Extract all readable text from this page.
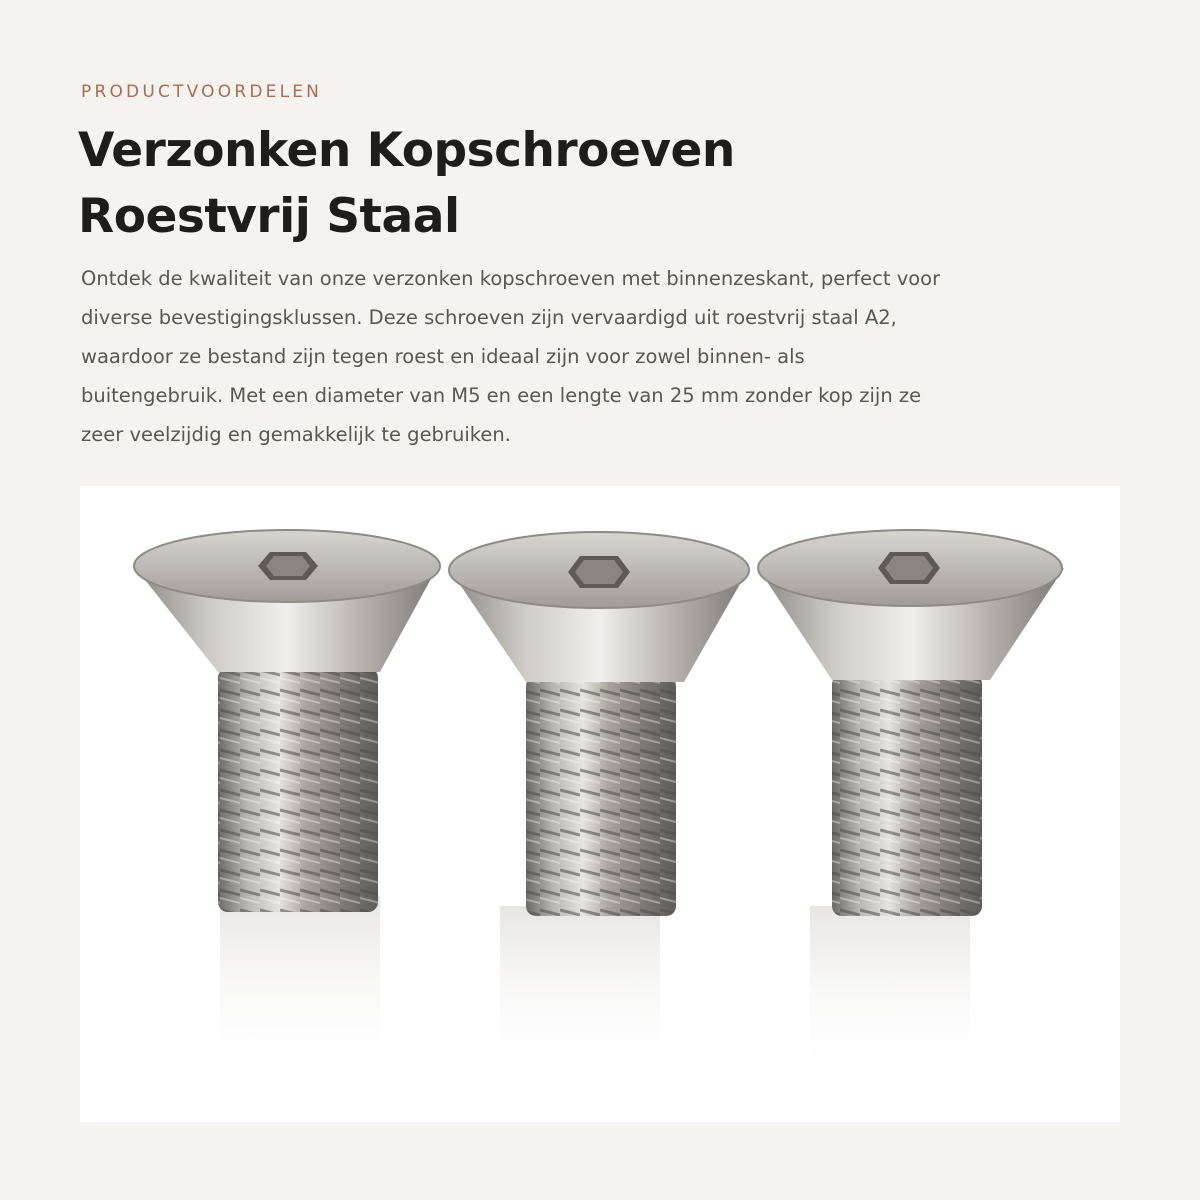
PRODUCTVOORDELEN
Verzonken Kopschroeven
Roestvrij Staal

Ontdek de kwaliteit van onze verzonken kopschroeven met binnenzeskant, perfect voor
diverse bevestigingsklussen. Deze schroeven zijn vervaardigd uit roestvrij staal A2,
waardoor ze bestand zijn tegen roest en ideaal zijn voor zowel binnen- als
buitengebruik. Met een diameter van M5 en een lengte van 25 mm zonder kop zijn ze
zeer veelzijdig en gemakkelijk te gebruiken.
